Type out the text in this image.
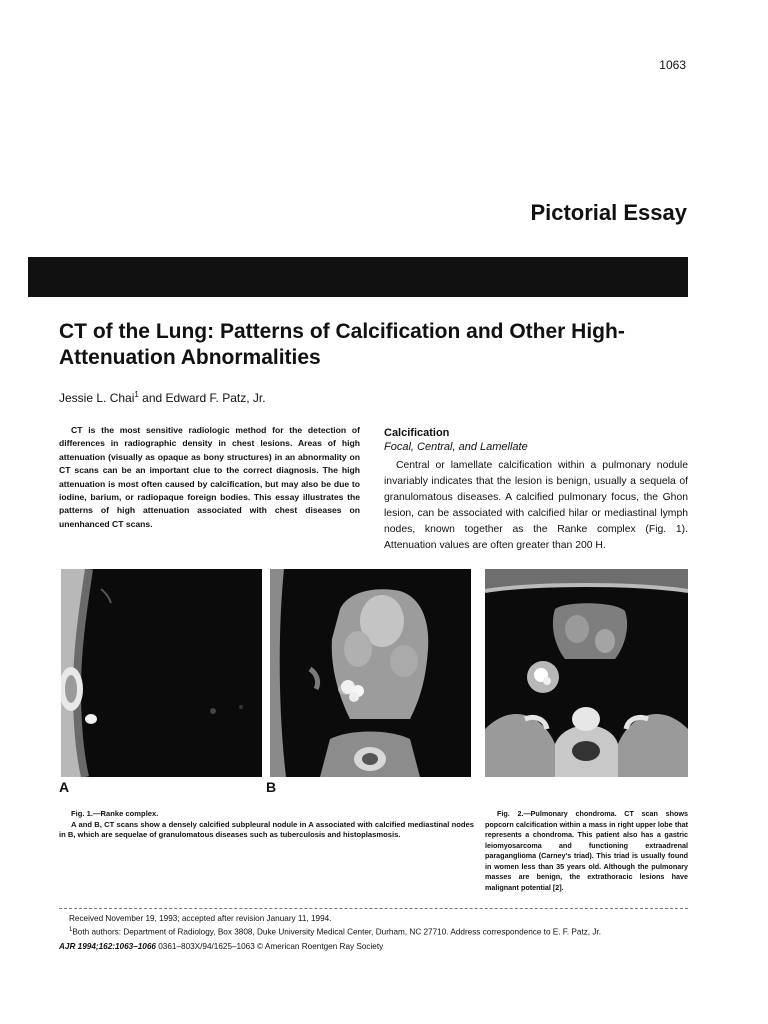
1063
Pictorial Essay
CT of the Lung: Patterns of Calcification and Other High-Attenuation Abnormalities
Jessie L. Chai$^1$ and Edward F. Patz, Jr.
CT is the most sensitive radiologic method for the detection of differences in radiographic density in chest lesions. Areas of high attenuation (visually as opaque as bony structures) in an abnormality on CT scans can be an important clue to the correct diagnosis. The high attenuation is most often caused by calcification, but may also be due to iodine, barium, or radiopaque foreign bodies. This essay illustrates the patterns of high attenuation associated with chest diseases on unenhanced CT scans.
Calcification
Focal, Central, and Lamellate
Central or lamellate calcification within a pulmonary nodule invariably indicates that the lesion is benign, usually a sequela of granulomatous diseases. A calcified pulmonary focus, the Ghon lesion, can be associated with calcified hilar or mediastinal lymph nodes, known together as the Ranke complex (Fig. 1). Attenuation values are often greater than 200 H.
A	B
Fig. 1.—Ranke complex.
A and B, CT scans show a densely calcified subpleural nodule in A associated with calcified mediastinal nodes in B, which are sequelae of granulomatous diseases such as tuberculosis and histoplasmosis.
Fig. 2.—Pulmonary chondroma. CT scan shows popcorn calcification within a mass in right upper lobe that represents a chondroma. This patient also has a gastric leiomyosarcoma and functioning extraadrenal paraganglioma (Carney's triad). This triad is usually found in women less than 35 years old. Although the pulmonary masses are benign, the extrathoracic lesions have malignant potential [2].

Received November 19, 1993; accepted after revision January 11, 1994.

$^1$Both authors: Department of Radiology, Box 3808, Duke University Medical Center, Durham, NC 27710. Address correspondence to E. F. Patz, Jr.

AJR 1994;162:1063–1066 0361–803X/94/1625–1063 © American Roentgen Ray Society
